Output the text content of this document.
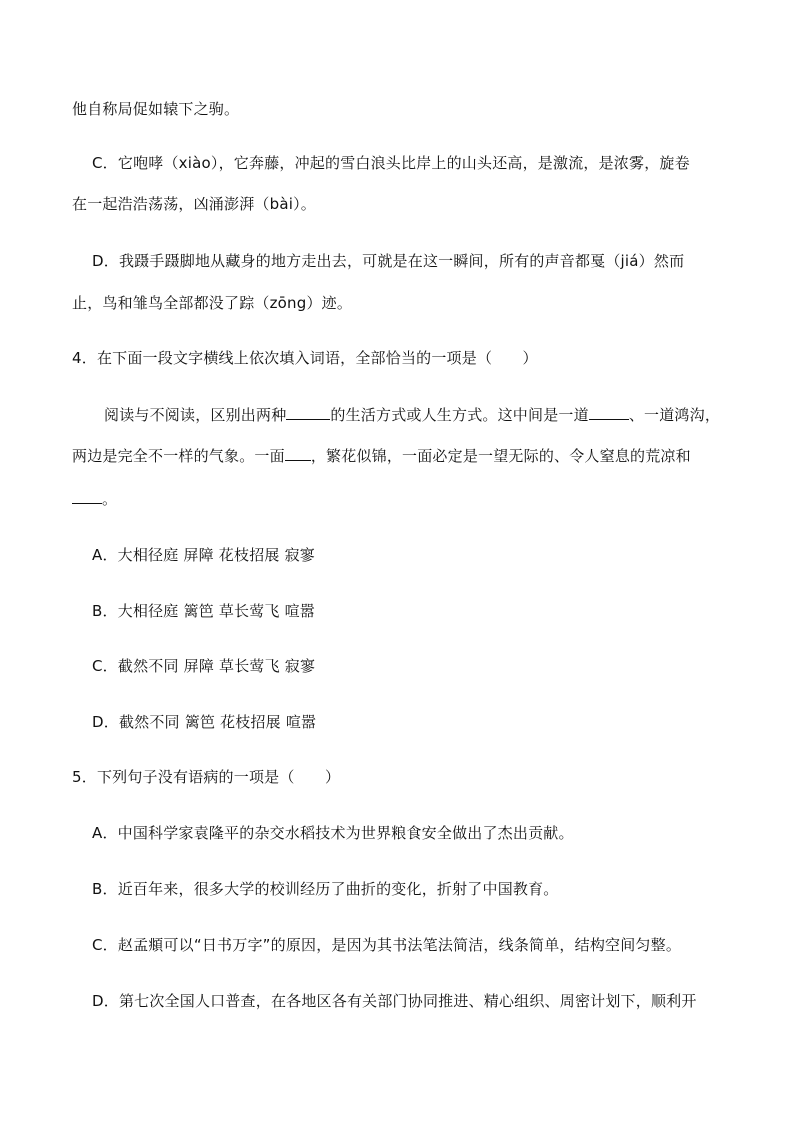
他自称局促如辕下之驹。

C．它咆哮（xiào），它奔藤，冲起的雪白浪头比岸上的山头还高，是激流，是浓雾，旋卷

在一起浩浩荡荡，凶涌澎湃（bài）。

D．我蹑手蹑脚地从藏身的地方走出去，可就是在这一瞬间，所有的声音都戛（jiá）然而

止，鸟和雏鸟全部都没了踪（zōng）迹。

4．在下面一段文字横线上依次填入词语，全部恰当的一项是（　　）

阅读与不阅读，区别出两种	的生活方式或人生方式。这中间是一道	、一道鸿沟，

两边是完全不一样的气象。一面 ，繁花似锦，一面必定是一望无际的、令人窒息的荒凉和

。

A．大相径庭 屏障 花枝招展 寂寥

B．大相径庭 篱笆 草长莺飞 喧嚣

C．截然不同 屏障 草长莺飞 寂寥

D．截然不同 篱笆 花枝招展 喧嚣

5．下列句子没有语病的一项是（　　）

A．中国科学家袁隆平的杂交水稻技术为世界粮食安全做出了杰出贡献。

B．近百年来，很多大学的校训经历了曲折的变化，折射了中国教育。

C．赵孟頫可以“日书万字”的原因，是因为其书法笔法简洁，线条简单，结构空间匀整。

D．第七次全国人口普查，在各地区各有关部门协同推进、精心组织、周密计划下，顺利开
